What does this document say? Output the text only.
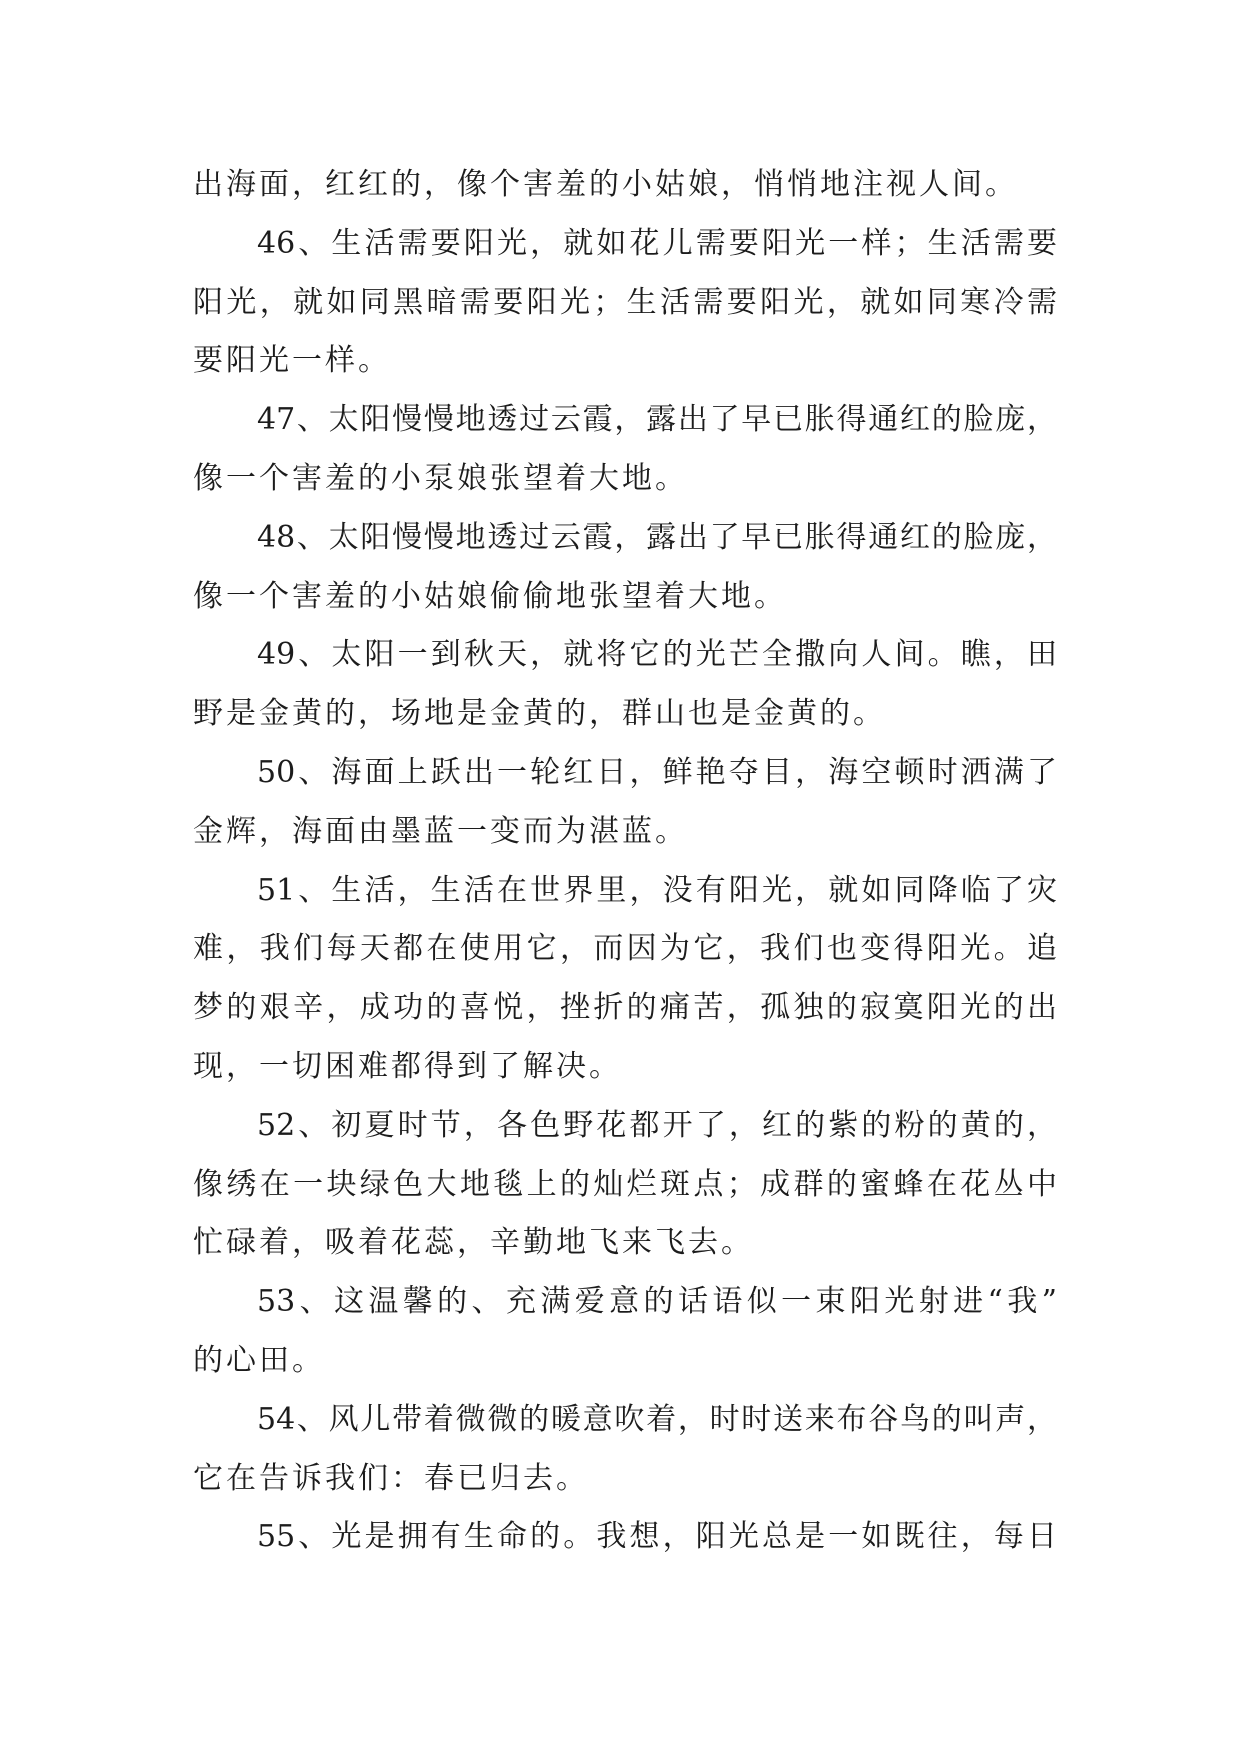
出海面，红红的，像个害羞的小姑娘，悄悄地注视人间。
46、生活需要阳光，就如花儿需要阳光一样；生活需要
阳光，就如同黑暗需要阳光；生活需要阳光，就如同寒冷需
要阳光一样。
47、太阳慢慢地透过云霞，露出了早已胀得通红的脸庞，
像一个害羞的小泵娘张望着大地。
48、太阳慢慢地透过云霞，露出了早已胀得通红的脸庞，
像一个害羞的小姑娘偷偷地张望着大地。
49、太阳一到秋天，就将它的光芒全撒向人间。瞧，田
野是金黄的，场地是金黄的，群山也是金黄的。
50、海面上跃出一轮红日，鲜艳夺目，海空顿时洒满了
金辉，海面由墨蓝一变而为湛蓝。
51、生活，生活在世界里，没有阳光，就如同降临了灾
难，我们每天都在使用它，而因为它，我们也变得阳光。追
梦的艰辛，成功的喜悦，挫折的痛苦，孤独的寂寞阳光的出
现，一切困难都得到了解决。
52、初夏时节，各色野花都开了，红的紫的粉的黄的，
像绣在一块绿色大地毯上的灿烂斑点；成群的蜜蜂在花丛中
忙碌着，吸着花蕊，辛勤地飞来飞去。
53、这温馨的、充满爱意的话语似一束阳光射进“我”
的心田。
54、风儿带着微微的暖意吹着，时时送来布谷鸟的叫声，
它在告诉我们：春已归去。
55、光是拥有生命的。我想，阳光总是一如既往，每日
